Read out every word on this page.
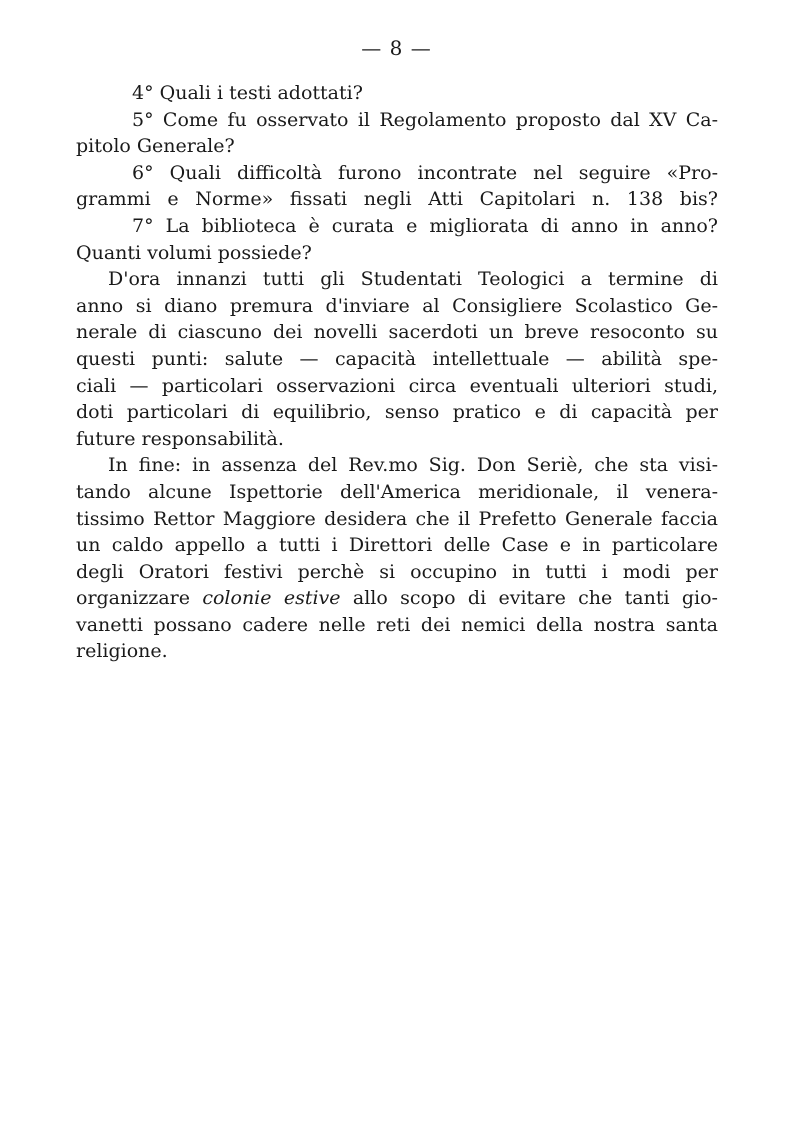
— 8 —
4° Quali i testi adottati?
5° Come fu osservato il Regolamento proposto dal XV Ca-
pitolo Generale?
6° Quali difficoltà furono incontrate nel seguire «Pro-
grammi e Norme» fissati negli Atti Capitolari n. 138 bis?
7° La biblioteca è curata e migliorata di anno in anno?
Quanti volumi possiede?
D'ora innanzi tutti gli Studentati Teologici a termine di
anno si diano premura d'inviare al Consigliere Scolastico Ge-
nerale di ciascuno dei novelli sacerdoti un breve resoconto su
questi punti: salute — capacità intellettuale — abilità spe-
ciali — particolari osservazioni circa eventuali ulteriori studi,
doti particolari di equilibrio, senso pratico e di capacità per
future responsabilità.
In fine: in assenza del Rev.mo Sig. Don Seriè, che sta visi-
tando alcune Ispettorie dell'America meridionale, il venera-
tissimo Rettor Maggiore desidera che il Prefetto Generale faccia
un caldo appello a tutti i Direttori delle Case e in particolare
degli Oratori festivi perchè si occupino in tutti i modi per
organizzare colonie estive allo scopo di evitare che tanti gio-
vanetti possano cadere nelle reti dei nemici della nostra santa
religione.
